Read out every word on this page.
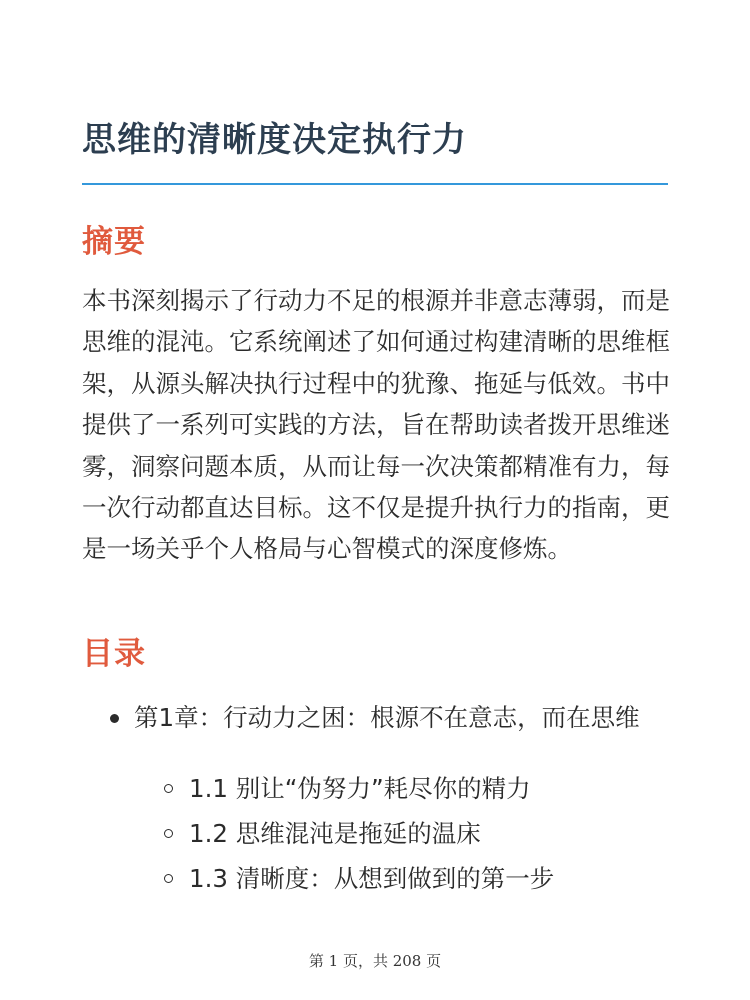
思维的清晰度决定执行力
摘要

本书深刻揭示了行动力不足的根源并非意志薄弱，而是思维的混沌。它系统阐述了如何通过构建清晰的思维框架，从源头解决执行过程中的犹豫、拖延与低效。书中提供了一系列可实践的方法，旨在帮助读者拨开思维迷雾，洞察问题本质，从而让每一次决策都精准有力，每一次行动都直达目标。这不仅是提升执行力的指南，更是一场关乎个人格局与心智模式的深度修炼。

目录
第1章：行动力之困：根源不在意志，而在思维
1.1 别让“伪努力”耗尽你的精力
1.2 思维混沌是拖延的温床
1.3 清晰度：从想到做到的第一步
第 1 页，共 208 页
